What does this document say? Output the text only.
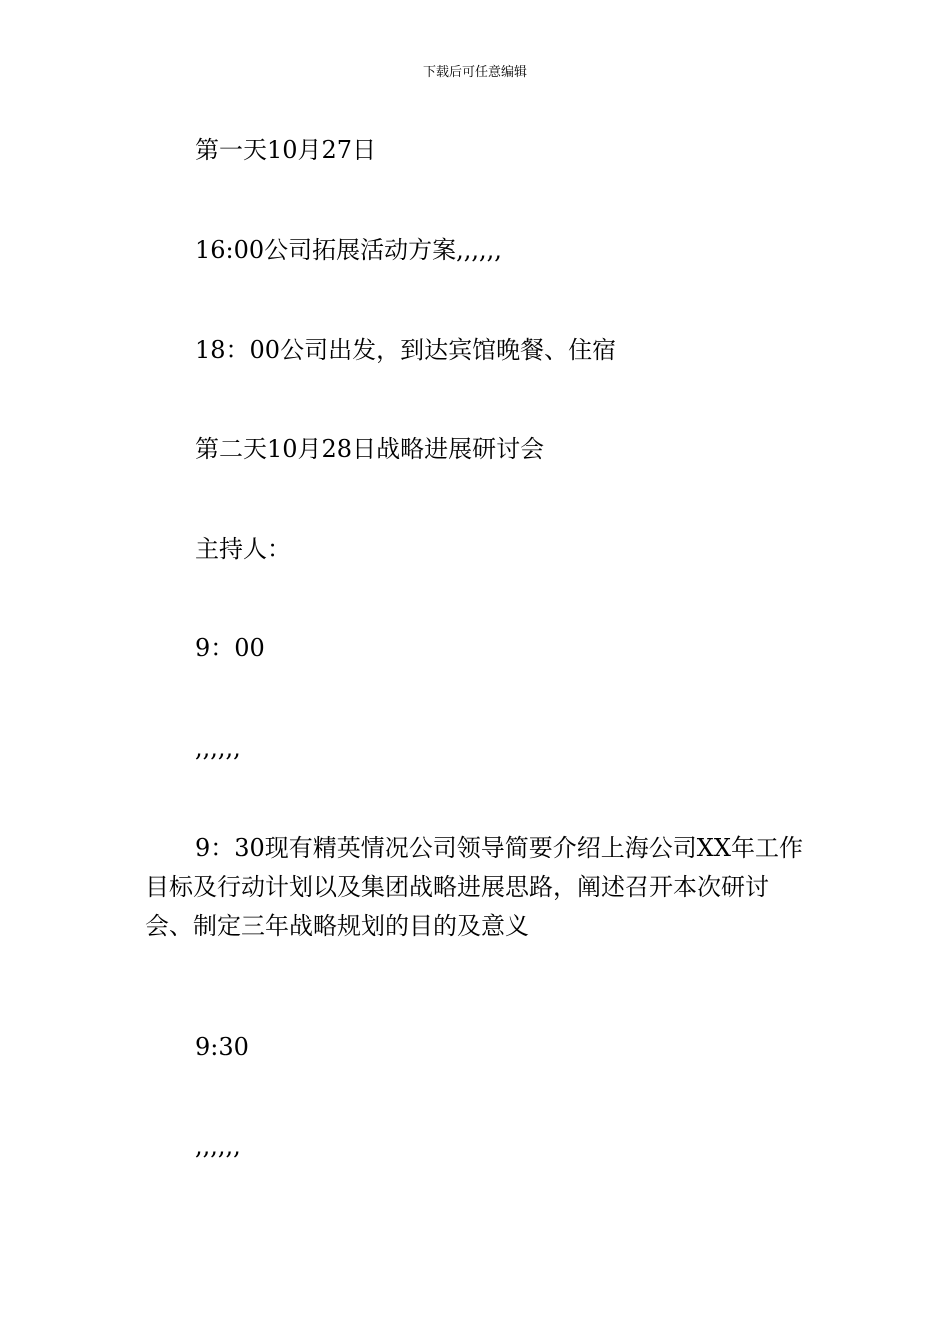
下载后可任意编辑
第一天10月27日
16:00公司拓展活动方案,,,,,,
18：00公司出发，到达宾馆晚餐、住宿
第二天10月28日战略进展研讨会
主持人：
9：00
,,,,,,
9：30现有精英情况公司领导简要介绍上海公司XX年工作目标及行动计划以及集团战略进展思路，阐述召开本次研讨会、制定三年战略规划的目的及意义
9:30
,,,,,,
